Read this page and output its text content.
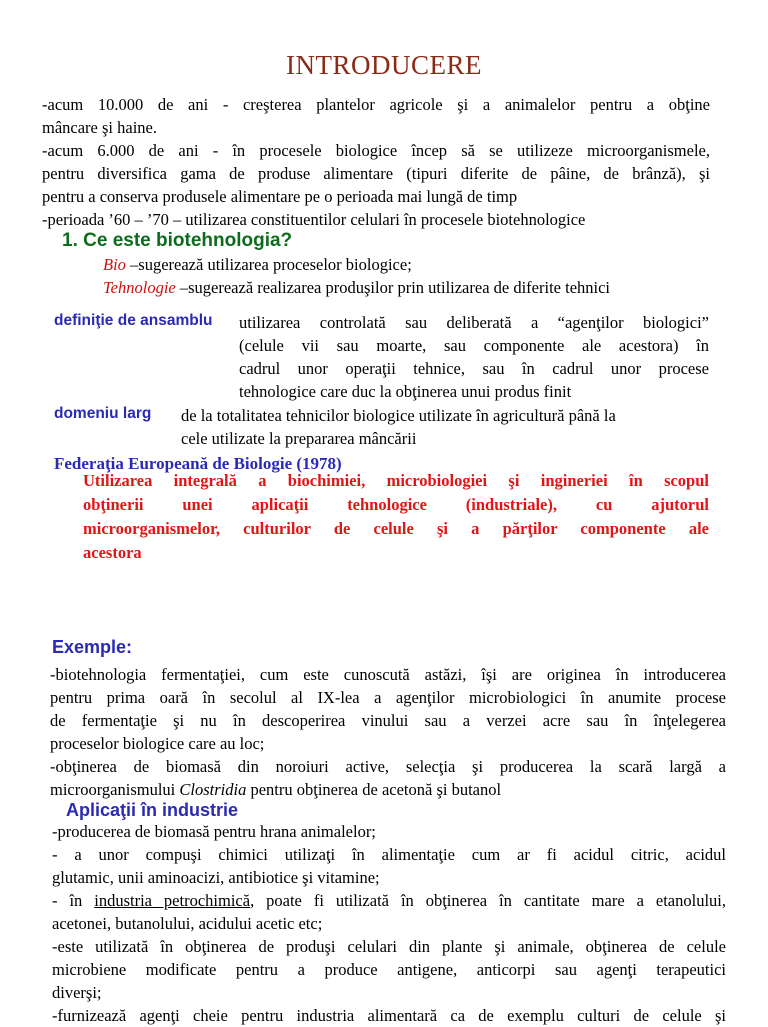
INTRODUCERE
-acum 10.000 de ani - creşterea plantelor agricole şi a animalelor pentru a obţine
mâncare şi haine.
-acum 6.000 de ani - în procesele biologice încep să se utilizeze microorganismele,
pentru diversifica gama de produse alimentare (tipuri diferite de pâine, de brânză), şi
pentru a conserva produsele alimentare pe o perioada mai lungă de timp
-perioada ’60 – ’70 – utilizarea constituentilor celulari în procesele biotehnologice
1. Ce este biotehnologia?
Bio –sugerează utilizarea proceselor biologice;
Tehnologie –sugerează realizarea produşilor prin utilizarea de diferite tehnici
definiţie de ansamblu utilizarea controlată sau deliberată a “agenţilor biologici”
(celule vii sau moarte, sau componente ale acestora) în
cadrul unor operaţii tehnice, sau în cadrul unor procese
tehnologice care duc la obţinerea unui produs finit
domeniu larg de la totalitatea tehnicilor biologice utilizate în agricultură până la
cele utilizate la prepararea mâncării
Federaţia Europeană de Biologie (1978)
Utilizarea integrală a biochimiei, microbiologiei şi ingineriei în scopul
obţinerii unei aplicaţii tehnologice (industriale), cu ajutorul
microorganismelor, culturilor de celule şi a părţilor componente ale
acestora
Exemple:
-biotehnologia fermentaţiei, cum este cunoscută astăzi, îşi are originea în introducerea
pentru prima oară în secolul al IX-lea a agenţilor microbiologici în anumite procese
de fermentaţie şi nu în descoperirea vinului sau a verzei acre sau în înţelegerea
proceselor biologice care au loc;
-obţinerea de biomasă din noroiuri active, selecţia şi producerea la scară largă a
microorganismului Clostridia pentru obţinerea de acetonă şi butanol
Aplicaţii în industrie
-producerea de biomasă pentru hrana animalelor;
- a unor compuşi chimici utilizaţi în alimentaţie cum ar fi acidul citric, acidul
glutamic, unii aminoacizi, antibiotice şi vitamine;
- în industria petrochimică, poate fi utilizată în obţinerea în cantitate mare a etanolului,
acetonei, butanolului, acidului acetic etc;
-este utilizată în obţinerea de produşi celulari din plante şi animale, obţinerea de celule
microbiene modificate pentru a produce antigene, anticorpi sau agenţi terapeutici
diverşi;
-furnizează agenţi cheie pentru industria alimentară ca de exemplu culturi de celule şi
